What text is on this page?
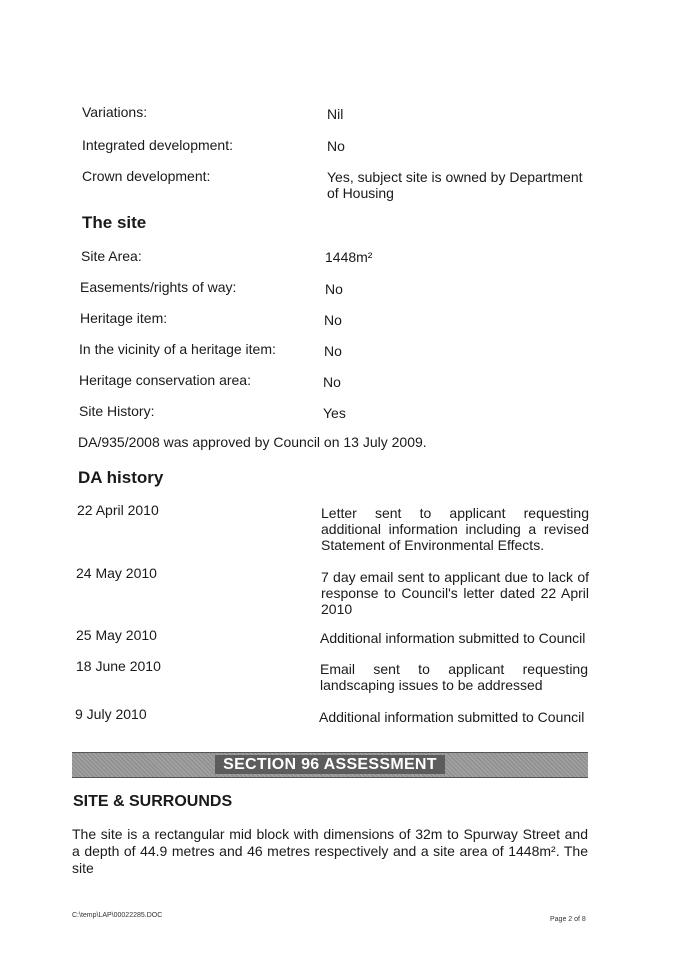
Variations:	Nil
Integrated development:	No
Crown development:	Yes, subject site is owned by Department of Housing
The site
Site Area:	1448m²
Easements/rights of way:	No
Heritage item:	No
In the vicinity of a heritage item:	No
Heritage conservation area:	No
Site History:	Yes
DA/935/2008 was approved by Council on 13 July 2009.
DA history
22 April 2010	Letter sent to applicant requesting additional information including a revised Statement of Environmental Effects.
24 May 2010	7 day email sent to applicant due to lack of response to Council's letter dated 22 April 2010
25 May 2010	Additional information submitted to Council
18 June 2010	Email sent to applicant requesting landscaping issues to be addressed
9 July 2010	Additional information submitted to Council
SECTION 96 ASSESSMENT
SITE & SURROUNDS
The site is a rectangular mid block with dimensions of 32m to Spurway Street and a depth of 44.9 metres and 46 metres respectively and a site area of 1448m². The site
C:\temp\LAP\00022285.DOC
Page 2 of 8
